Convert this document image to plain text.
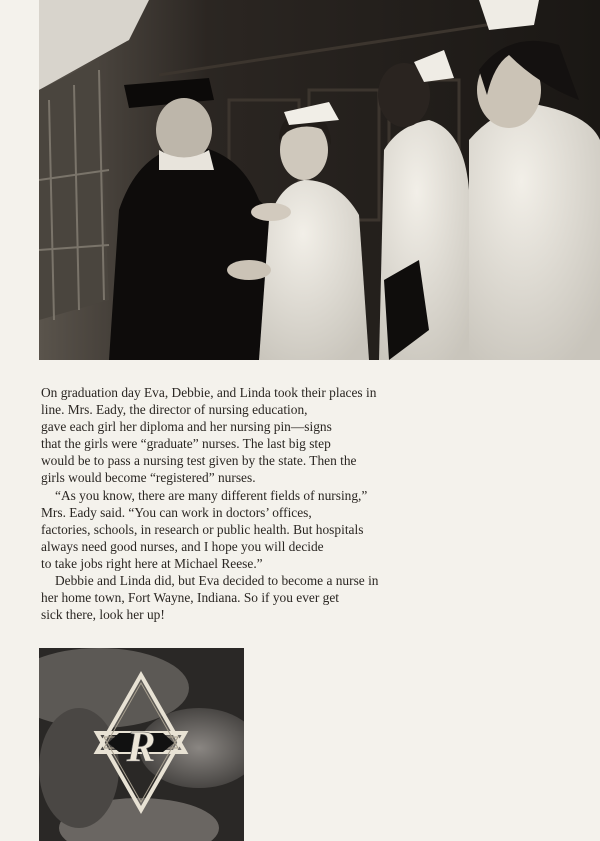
On graduation day Eva, Debbie, and Linda took their places in
line. Mrs. Eady, the director of nursing education,
gave each girl her diploma and her nursing pin—signs
that the girls were “graduate” nurses. The last big step
would be to pass a nursing test given by the state. Then the
girls would become “registered” nurses.
“As you know, there are many different fields of nursing,”
Mrs. Eady said. “You can work in doctors’ offices,
factories, schools, in research or public health. But hospitals
always need good nurses, and I hope you will decide
to take jobs right here at Michael Reese.”
Debbie and Linda did, but Eva decided to become a nurse in
her home town, Fort Wayne, Indiana. So if you ever get
sick there, look her up!
R
